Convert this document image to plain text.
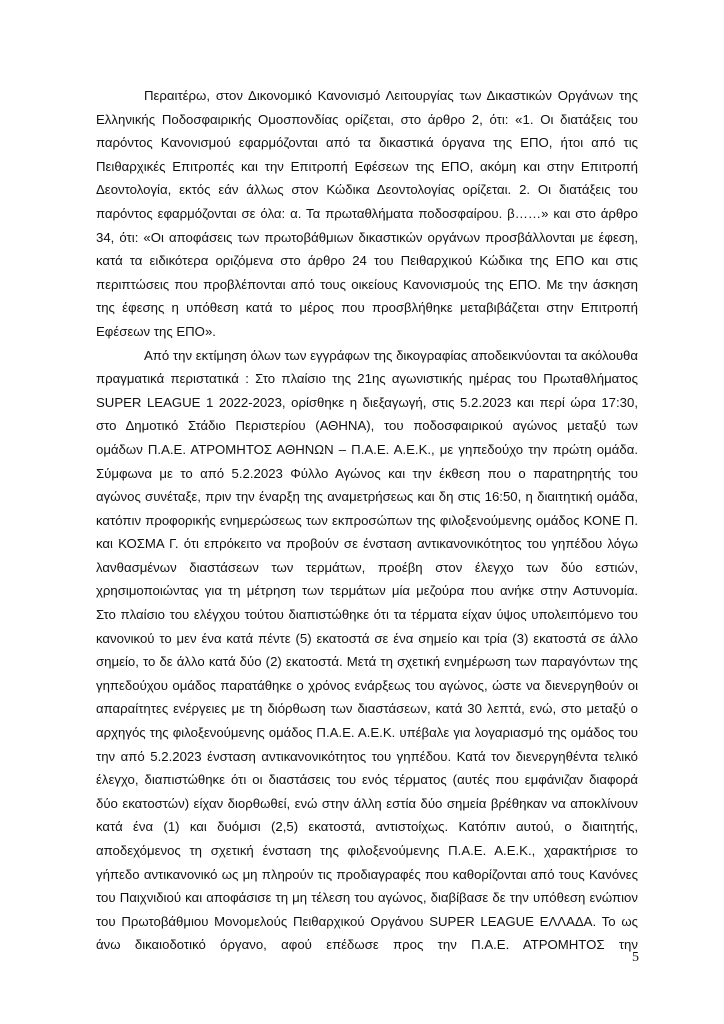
Περαιτέρω, στον Δικονομικό Κανονισμό Λειτουργίας των Δικαστικών Οργάνων της
Ελληνικής Ποδοσφαιρικής Ομοσπονδίας ορίζεται, στο άρθρο 2, ότι: «1. Οι διατάξεις του
παρόντος Κανονισμού εφαρμόζονται από τα δικαστικά όργανα της ΕΠΟ, ήτοι από τις
Πειθαρχικές Επιτροπές και την Επιτροπή Εφέσεων της ΕΠΟ, ακόμη και στην Επιτροπή
Δεοντολογία, εκτός εάν άλλως στον Κώδικα Δεοντολογίας ορίζεται. 2. Οι διατάξεις του
παρόντος εφαρμόζονται σε όλα: α. Τα πρωταθλήματα ποδοσφαίρου. β……» και στο άρθρο
34, ότι: «Οι αποφάσεις των πρωτοβάθμιων δικαστικών οργάνων προσβάλλονται με έφεση,
κατά τα ειδικότερα οριζόμενα στο άρθρο 24 του Πειθαρχικού Κώδικα της ΕΠΟ και στις
περιπτώσεις που προβλέπονται από τους οικείους Κανονισμούς της ΕΠΟ. Με την άσκηση
της έφεσης η υπόθεση κατά το μέρος που προσβλήθηκε μεταβιβάζεται στην Επιτροπή
Εφέσεων της ΕΠΟ».
Από την εκτίμηση όλων των εγγράφων της δικογραφίας αποδεικνύονται τα ακόλουθα
πραγματικά περιστατικά : Στο πλαίσιο της 21ης αγωνιστικής ημέρας του Πρωταθλήματος
SUPER LEAGUE 1 2022-2023, ορίσθηκε η διεξαγωγή, στις 5.2.2023 και περί ώρα 17:30,
στο Δημοτικό Στάδιο Περιστερίου (ΑΘΗΝΑ), του ποδοσφαιρικού αγώνος μεταξύ των
ομάδων Π.Α.Ε. ΑΤΡΟΜΗΤΟΣ ΑΘΗΝΩΝ – Π.Α.Ε. Α.Ε.Κ., με γηπεδούχο την πρώτη ομάδα.
Σύμφωνα με το από 5.2.2023 Φύλλο Αγώνος και την έκθεση που ο παρατηρητής του
αγώνος συνέταξε, πριν την έναρξη της αναμετρήσεως και δη στις 16:50, η διαιτητική ομάδα,
κατόπιν προφορικής ενημερώσεως των εκπροσώπων της φιλοξενούμενης ομάδος ΚΟΝΕ Π.
και ΚΟΣΜΑ Γ. ότι επρόκειτο να προβούν σε ένσταση αντικανονικότητος του γηπέδου λόγω
λανθασμένων διαστάσεων των τερμάτων, προέβη στον έλεγχο των δύο εστιών,
χρησιμοποιώντας για τη μέτρηση των τερμάτων μία μεζούρα που ανήκε στην Αστυνομία.
Στο πλαίσιο του ελέγχου τούτου διαπιστώθηκε ότι τα τέρματα είχαν ύψος υπολειπόμενο του
κανονικού το μεν ένα κατά πέντε (5) εκατοστά σε ένα σημείο και τρία (3) εκατοστά σε άλλο
σημείο, το δε άλλο κατά δύο (2) εκατοστά. Μετά τη σχετική ενημέρωση των παραγόντων της
γηπεδούχου ομάδος παρατάθηκε ο χρόνος ενάρξεως του αγώνος, ώστε να διενεργηθούν οι
απαραίτητες ενέργειες με τη διόρθωση των διαστάσεων, κατά 30 λεπτά, ενώ, στο μεταξύ ο
αρχηγός της φιλοξενούμενης ομάδος Π.Α.Ε. Α.Ε.Κ. υπέβαλε για λογαριασμό της ομάδος του
την από 5.2.2023 ένσταση αντικανονικότητος του γηπέδου. Κατά τον διενεργηθέντα τελικό
έλεγχο, διαπιστώθηκε ότι οι διαστάσεις του ενός τέρματος (αυτές που εμφάνιζαν διαφορά
δύο εκατοστών) είχαν διορθωθεί, ενώ στην άλλη εστία δύο σημεία βρέθηκαν να αποκλίνουν
κατά ένα (1) και δυόμισι (2,5) εκατοστά, αντιστοίχως. Κατόπιν αυτού, ο διαιτητής,
αποδεχόμενος τη σχετική ένσταση της φιλοξενούμενης Π.Α.Ε. Α.Ε.Κ., χαρακτήρισε το
γήπεδο αντικανονικό ως μη πληρούν τις προδιαγραφές που καθορίζονται από τους Κανόνες
του Παιχνιδιού και αποφάσισε τη μη τέλεση του αγώνος, διαβίβασε δε την υπόθεση ενώπιον
του Πρωτοβάθμιου Μονομελούς Πειθαρχικού Οργάνου SUPER LEAGUE ΕΛΛΑΔΑ. Το ως
άνω δικαιοδοτικό όργανο, αφού επέδωσε προς την Π.Α.Ε. ΑΤΡΟΜΗΤΟΣ την
5
